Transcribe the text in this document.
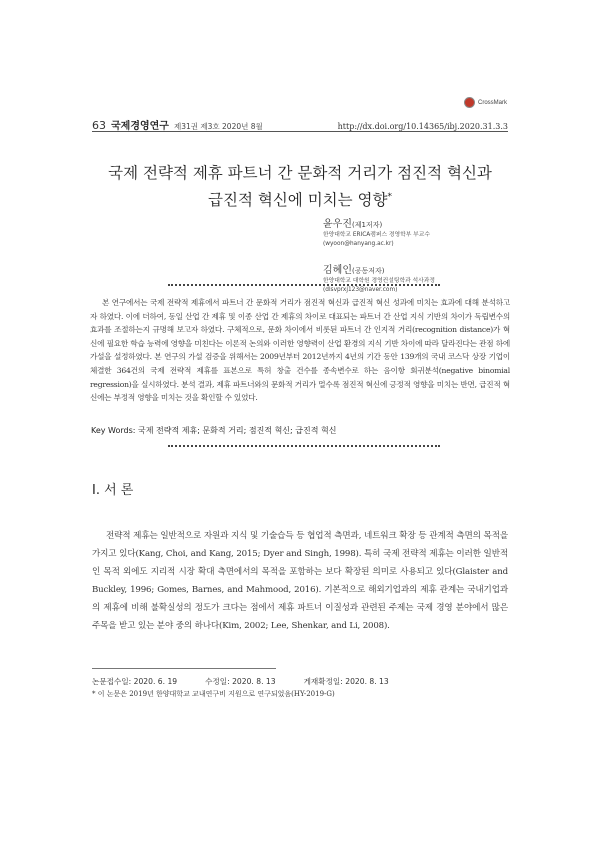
CrossMark
63 국제경영연구 제31권 제3호 2020년 8월	http://dx.doi.org/10.14365/ibj.2020.31.3.3
국제 전략적 제휴 파트너 간 문화적 거리가 점진적 혁신과
급진적 혁신에 미치는 영향*
윤우진(제1저자)
한양대학교 ERICA캠퍼스 경영학부 부교수
(wyoon@hanyang.ac.kr)
김혜인(공동저자)
한양대학교 대학원 경영컨설팅학과 석사과정
(dlsvprxj123@naver.com)

본 연구에서는 국제 전략적 제휴에서 파트너 간 문화적 거리가 점진적 혁신과 급진적 혁신 성과에 미치는 효과에 대해 분석하고자 하였다. 이에 더하여, 동일 산업 간 제휴 및 이종 산업 간 제휴의 차이로 대표되는 파트너 간 산업 지식 기반의 차이가 독립변수의 효과를 조절하는지 규명해 보고자 하였다. 구체적으로, 문화 차이에서 비롯된 파트너 간 인지적 거리(recognition distance)가 혁신에 필요한 학습 능력에 영향을 미친다는 이론적 논의와 이러한 영향력이 산업 환경의 지식 기반 차이에 따라 달라진다는 관점 하에 가설을 설정하였다. 본 연구의 가설 검증을 위해서는 2009년부터 2012년까지 4년의 기간 동안 139개의 국내 코스닥 상장 기업이 체결한 364건의 국제 전략적 제휴를 표본으로 특허 창출 건수를 종속변수로 하는 음이항 회귀분석(negative binomial regression)을 실시하였다. 분석 결과, 제휴 파트너와의 문화적 거리가 멀수록 점진적 혁신에 긍정적 영향을 미치는 반면, 급진적 혁신에는 부정적 영향을 미치는 것을 확인할 수 있었다.

Key Words: 국제 전략적 제휴; 문화적 거리; 점진적 혁신; 급진적 혁신
Ⅰ. 서 론

전략적 제휴는 일반적으로 자원과 지식 및 기술습득 등 협업적 측면과, 네트워크 확장 등 관계적 측면의 목적을 가지고 있다(Kang, Choi, and Kang, 2015; Dyer and Singh, 1998). 특히 국제 전략적 제휴는 이러한 일반적인 목적 외에도 지리적 시장 확대 측면에서의 목적을 포함하는 보다 확장된 의미로 사용되고 있다(Glaister and Buckley, 1996; Gomes, Barnes, and Mahmood, 2016). 기본적으로 해외기업과의 제휴 관계는 국내기업과의 제휴에 비해 불확실성의 정도가 크다는 점에서 제휴 파트너 이질성과 관련된 주제는 국제 경영 분야에서 많은 주목을 받고 있는 분야 중의 하나다(Kim, 2002; Lee, Shenkar, and Li, 2008).

논문접수일: 2020. 6. 19	수정일: 2020. 8. 13	게재확정일: 2020. 8. 13
* 이 논문은 2019년 한양대학교 교내연구비 지원으로 연구되었음(HY-2019-G)
